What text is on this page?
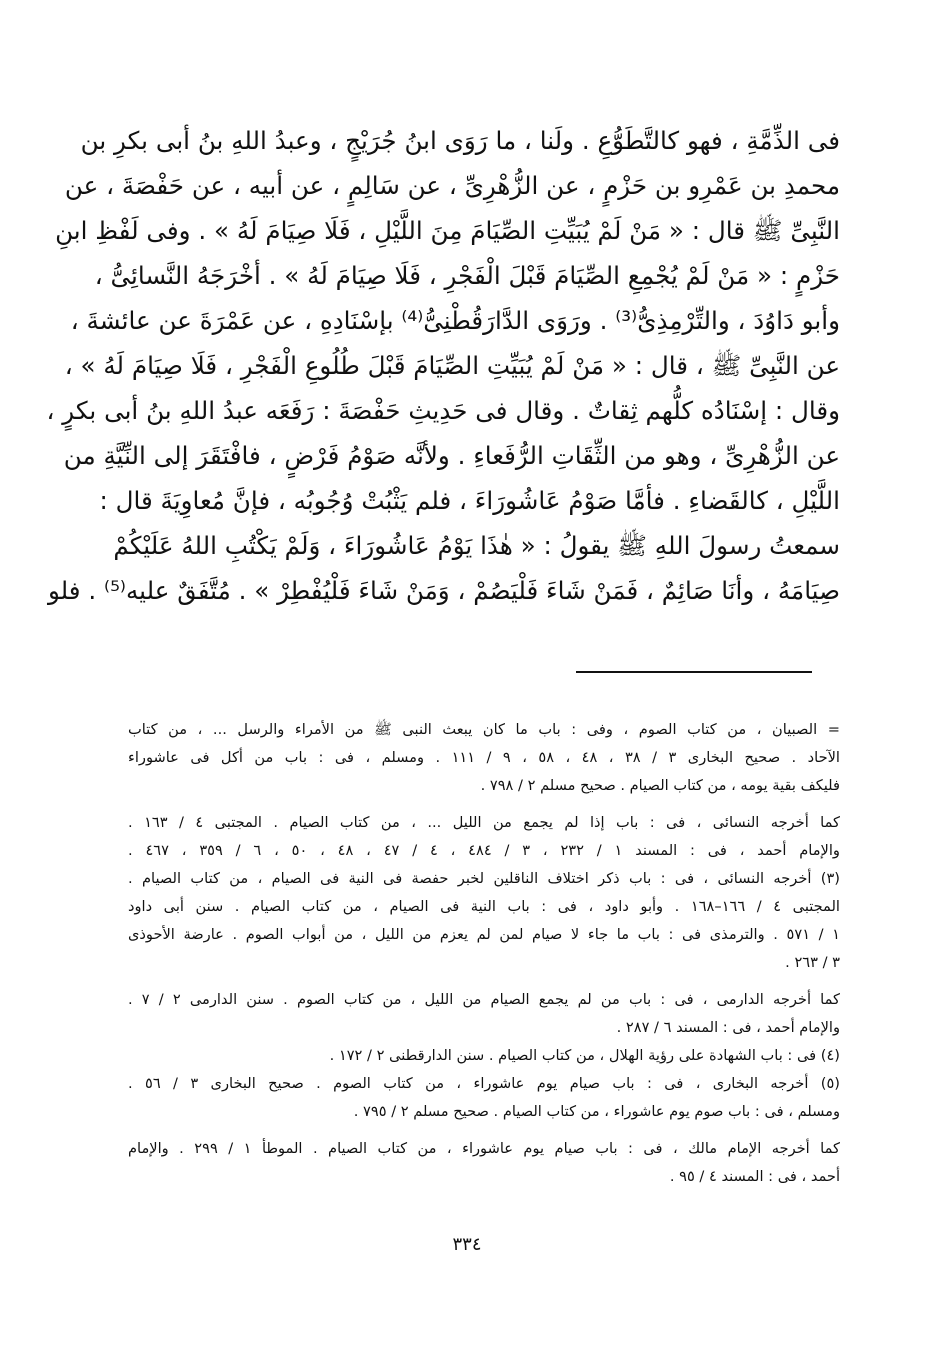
فى الذِّمَّةِ ، فهو كالتَّطَوُّعِ . ولَنا ، ما رَوَى ابنُ جُرَيْجٍ ، وعبدُ اللهِ بنُ أبى بكرِ بن
محمدِ بن عَمْرِو بن حَزْمٍ ، عن الزُّهْرِىِّ ، عن سَالِمٍ ، عن أبيه ، عن حَفْصَةَ ، عن
النَّبِىِّ ﷺ قال : « مَنْ لَمْ يُبَيِّتِ الصِّيَامَ مِنَ اللَّيْلِ ، فَلَا صِيَامَ لَهُ » . وفى لَفْظِ ابنِ
حَزْمٍ : « مَنْ لَمْ يُجْمِعِ الصِّيَامَ قَبْلَ الْفَجْرِ ، فَلَا صِيَامَ لَهُ » . أخْرَجَهُ النَّسائِىُّ ،
وأبو دَاوُدَ ، والتِّرْمِذِىُّ⁽³⁾ . ورَوَى الدَّارَقُطْنِىُّ⁽⁴⁾ بإسْنَادِهِ ، عن عَمْرَةَ عن عائشةَ ،
عن النَّبِىِّ ﷺ ، قال : « مَنْ لَمْ يُبَيِّتِ الصِّيَامَ قَبْلَ طُلُوعِ الْفَجْرِ ، فَلَا صِيَامَ لَهُ » ،
وقال : إسْنَادُه كلُّهم ثِقاتٌ . وقال فى حَدِيثِ حَفْصَةَ : رَفَعَه عبدُ اللهِ بنُ أبى بكرٍ ،
عن الزُّهْرِىِّ ، وهو من الثِّقَاتِ الرُّفَعاءِ . ولأنَّه صَوْمُ فَرْضٍ ، فافْتَقَرَ إلى النِّيَّةِ من
اللَّيْلِ ، كالقَضاءِ . فأمَّا صَوْمُ عَاشُورَاءَ ، فلم يَثْبُتْ وُجُوبُه ، فإنَّ مُعاوِيَةَ قال :
سمعتُ رسولَ اللهِ ﷺ يقولُ : « هٰذَا يَوْمُ عَاشُورَاءَ ، وَلَمْ يَكْتُبِ اللهُ عَلَيْكُمْ
صِيَامَهُ ، وأنَا صَائِمٌ ، فَمَنْ شَاءَ فَلْيَصُمْ ، وَمَنْ شَاءَ فَلْيُفْطِرْ » . مُتَّفَقٌ عليه⁽⁵⁾ . فلو
= الصبيان ، من كتاب الصوم ، وفى : باب ما كان يبعث النبى ﷺ من الأمراء والرسل ... ، من كتاب
الآحاد . صحيح البخارى ٣ / ٣٨ ، ٤٨ ، ٥٨ ، ٩ / ١١١ . ومسلم ، فى : باب من أكل فى عاشوراء
فليكف بقية يومه ، من كتاب الصيام . صحيح مسلم ٢ / ٧٩٨ .
كما أخرجه النسائى ، فى : باب إذا لم يجمع من الليل ... ، من كتاب الصيام . المجتبى ٤ / ١٦٣ .
والإمام أحمد ، فى : المسند ١ / ٢٣٢ ، ٣ / ٤٨٤ ، ٤ / ٤٧ ، ٤٨ ، ٥٠ ، ٦ / ٣٥٩ ، ٤٦٧ .
(٣) أخرجه النسائى ، فى : باب ذكر اختلاف الناقلين لخبر حفصة فى النية فى الصيام ، من كتاب الصيام .
المجتبى ٤ / ١٦٦–١٦٨ . وأبو داود ، فى : باب النية فى الصيام ، من كتاب الصيام . سنن أبى داود
١ / ٥٧١ . والترمذى فى : باب ما جاء لا صيام لمن لم يعزم من الليل ، من أبواب الصوم . عارضة الأحوذى
٣ / ٢٦٣ .
كما أخرجه الدارمى ، فى : باب من لم يجمع الصيام من الليل ، من كتاب الصوم . سنن الدارمى ٢ / ٧ .
والإمام أحمد ، فى : المسند ٦ / ٢٨٧ .
(٤) فى : باب الشهادة على رؤية الهلال ، من كتاب الصيام . سنن الدارقطنى ٢ / ١٧٢ .
(٥) أخرجه البخارى ، فى : باب صيام يوم عاشوراء ، من كتاب الصوم . صحيح البخارى ٣ / ٥٦ .
ومسلم ، فى : باب صوم يوم عاشوراء ، من كتاب الصيام . صحيح مسلم ٢ / ٧٩٥ .
كما أخرجه الإمام مالك ، فى : باب صيام يوم عاشوراء ، من كتاب الصيام . الموطأ ١ / ٢٩٩ . والإمام
أحمد ، فى : المسند ٤ / ٩٥ .
٣٣٤
